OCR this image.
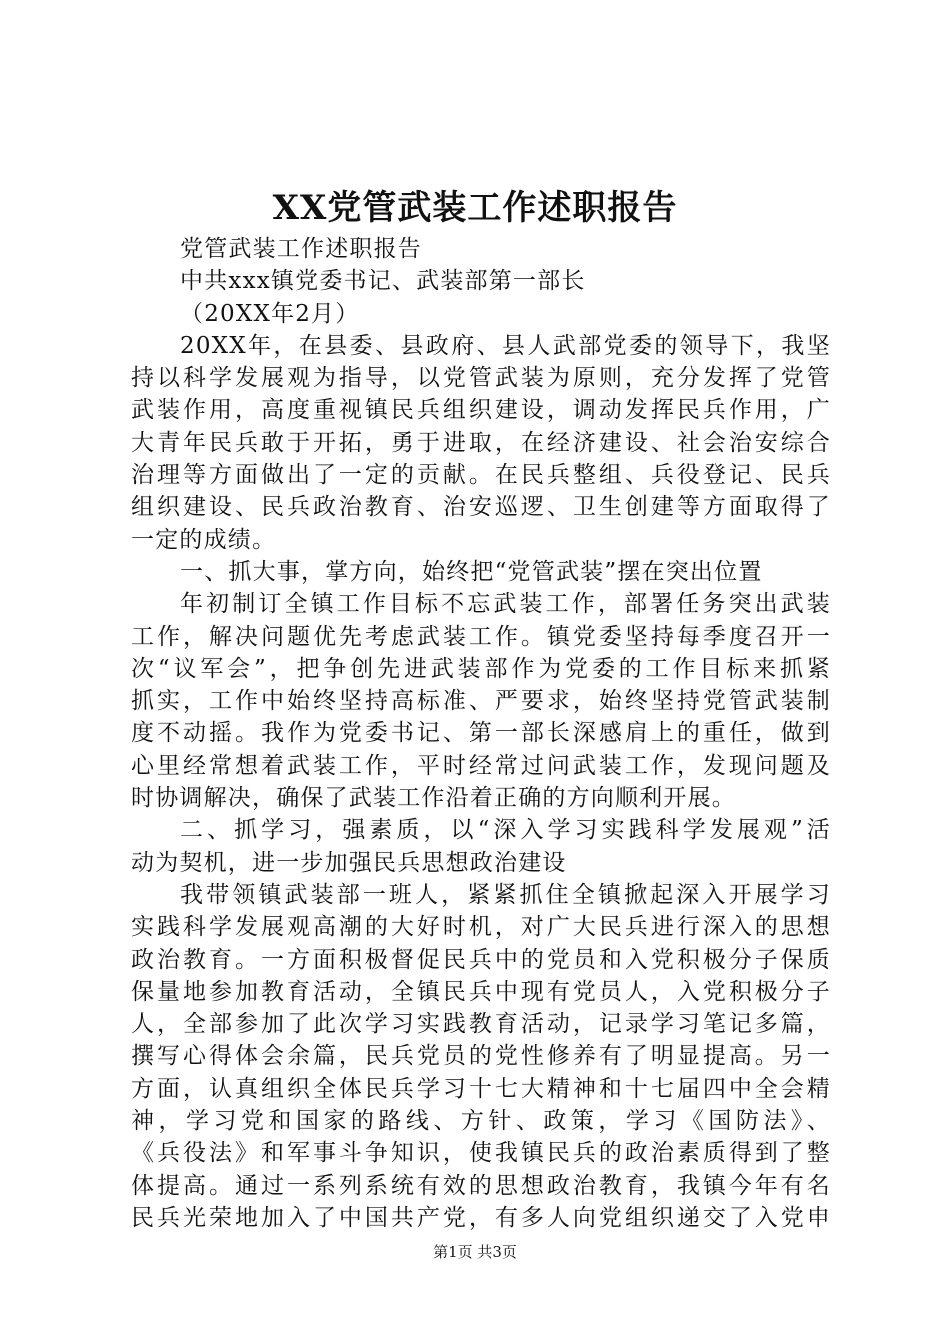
XX党管武装工作述职报告
党管武装工作述职报告
中共xxx镇党委书记、武装部第一部长
（20XX年2月）
20XX年，在县委、县政府、县人武部党委的领导下，我坚
持以科学发展观为指导，以党管武装为原则，充分发挥了党管
武装作用，高度重视镇民兵组织建设，调动发挥民兵作用，广
大青年民兵敢于开拓，勇于进取，在经济建设、社会治安综合
治理等方面做出了一定的贡献。在民兵整组、兵役登记、民兵
组织建设、民兵政治教育、治安巡逻、卫生创建等方面取得了
一定的成绩。
一、抓大事，掌方向，始终把“党管武装”摆在突出位置
年初制订全镇工作目标不忘武装工作，部署任务突出武装
工作，解决问题优先考虑武装工作。镇党委坚持每季度召开一
次“议军会”，把争创先进武装部作为党委的工作目标来抓紧
抓实，工作中始终坚持高标准、严要求，始终坚持党管武装制
度不动摇。我作为党委书记、第一部长深感肩上的重任，做到
心里经常想着武装工作，平时经常过问武装工作，发现问题及
时协调解决，确保了武装工作沿着正确的方向顺利开展。
二、抓学习，强素质，以“深入学习实践科学发展观”活
动为契机，进一步加强民兵思想政治建设
我带领镇武装部一班人，紧紧抓住全镇掀起深入开展学习
实践科学发展观高潮的大好时机，对广大民兵进行深入的思想
政治教育。一方面积极督促民兵中的党员和入党积极分子保质
保量地参加教育活动，全镇民兵中现有党员人，入党积极分子
人，全部参加了此次学习实践教育活动，记录学习笔记多篇，
撰写心得体会余篇，民兵党员的党性修养有了明显提高。另一
方面，认真组织全体民兵学习十七大精神和十七届四中全会精
神，学习党和国家的路线、方针、政策，学习《国防法》、
《兵役法》和军事斗争知识，使我镇民兵的政治素质得到了整
体提高。通过一系列系统有效的思想政治教育，我镇今年有名
民兵光荣地加入了中国共产党，有多人向党组织递交了入党申
第1页 共3页
